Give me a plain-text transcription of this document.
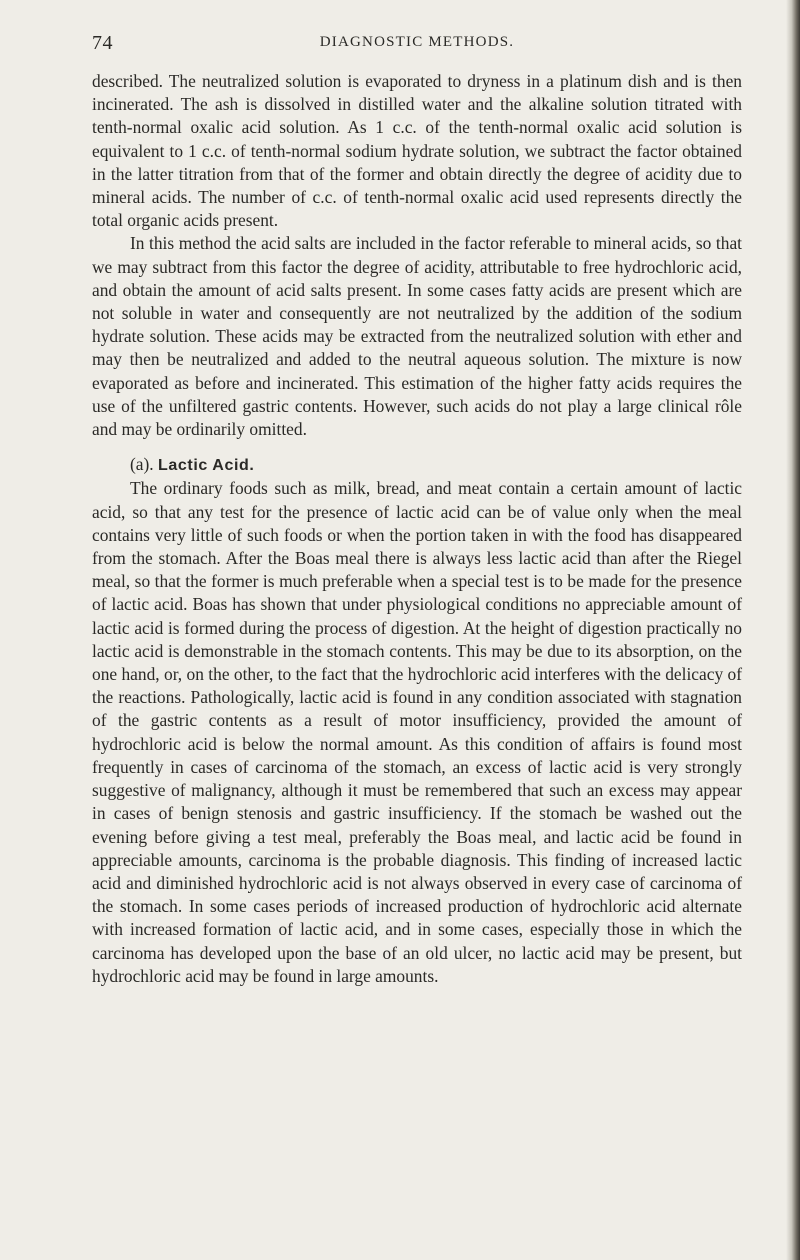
74	DIAGNOSTIC METHODS.

described. The neutralized solution is evaporated to dryness in a platinum dish and is then incinerated. The ash is dissolved in distilled water and the alkaline solution titrated with tenth-normal oxalic acid solution. As 1 c.c. of the tenth-normal oxalic acid solution is equivalent to 1 c.c. of tenth-normal sodium hydrate solution, we subtract the factor obtained in the latter titration from that of the former and obtain directly the degree of acidity due to mineral acids. The number of c.c. of tenth-normal oxalic acid used represents directly the total organic acids present.

In this method the acid salts are included in the factor referable to mineral acids, so that we may subtract from this factor the degree of acidity, attributable to free hydrochloric acid, and obtain the amount of acid salts present. In some cases fatty acids are present which are not soluble in water and consequently are not neutralized by the addition of the sodium hydrate solution. These acids may be extracted from the neutralized solution with ether and may then be neutralized and added to the neutral aqueous solution. The mixture is now evaporated as before and incinerated. This estimation of the higher fatty acids requires the use of the unfiltered gastric contents. However, such acids do not play a large clinical rôle and may be ordinarily omitted.

(a). Lactic Acid.

The ordinary foods such as milk, bread, and meat contain a certain amount of lactic acid, so that any test for the presence of lactic acid can be of value only when the meal contains very little of such foods or when the portion taken in with the food has disappeared from the stomach. After the Boas meal there is always less lactic acid than after the Riegel meal, so that the former is much preferable when a special test is to be made for the presence of lactic acid. Boas has shown that under physiological conditions no appreciable amount of lactic acid is formed during the process of digestion. At the height of digestion practically no lactic acid is demonstrable in the stomach contents. This may be due to its absorption, on the one hand, or, on the other, to the fact that the hydrochloric acid interferes with the delicacy of the reactions. Pathologically, lactic acid is found in any condition associated with stagnation of the gastric contents as a result of motor insufficiency, provided the amount of hydrochloric acid is below the normal amount. As this condition of affairs is found most frequently in cases of carcinoma of the stomach, an excess of lactic acid is very strongly suggestive of malignancy, although it must be remembered that such an excess may appear in cases of benign stenosis and gastric insufficiency. If the stomach be washed out the evening before giving a test meal, preferably the Boas meal, and lactic acid be found in appreciable amounts, carcinoma is the probable diagnosis. This finding of increased lactic acid and diminished hydrochloric acid is not always observed in every case of carcinoma of the stomach. In some cases periods of increased production of hydrochloric acid alternate with increased formation of lactic acid, and in some cases, especially those in which the carcinoma has developed upon the base of an old ulcer, no lactic acid may be present, but hydrochloric acid may be found in large amounts.
